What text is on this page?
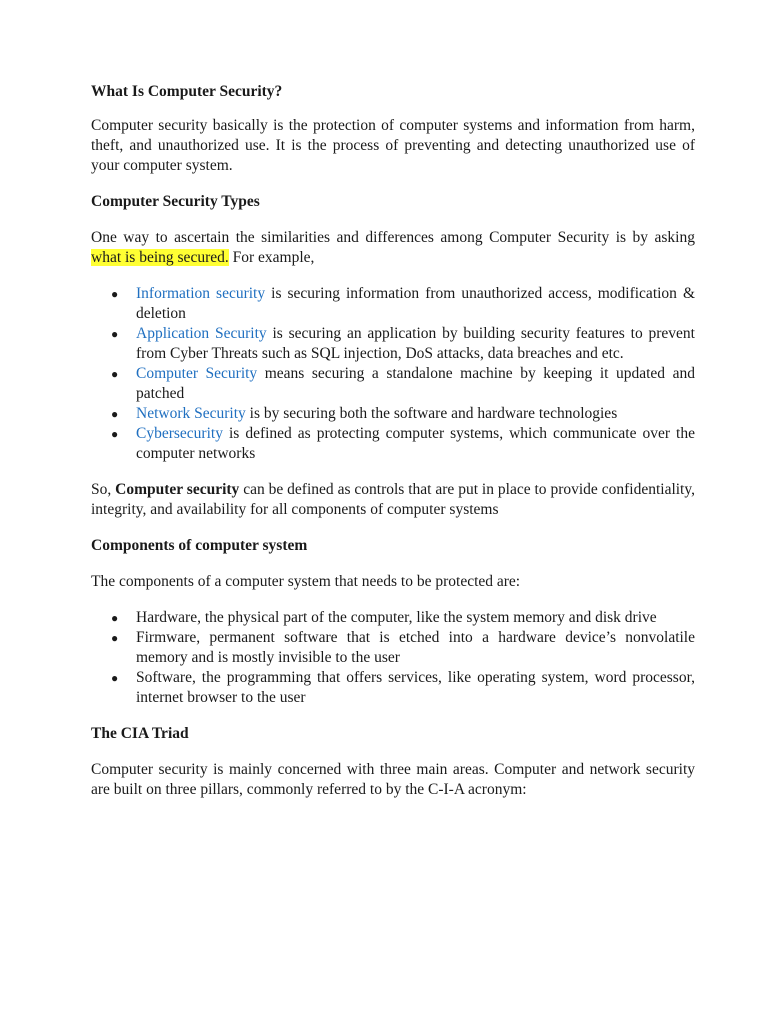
What Is Computer Security?

Computer security basically is the protection of computer systems and information from harm, theft, and unauthorized use. It is the process of preventing and detecting unauthorized use of your computer system.

Computer Security Types

One way to ascertain the similarities and differences among Computer Security is by asking what is being secured. For example,

● Information security is securing information from unauthorized access, modification & deletion
● Application Security is securing an application by building security features to prevent from Cyber Threats such as SQL injection, DoS attacks, data breaches and etc.
● Computer Security means securing a standalone machine by keeping it updated and patched
● Network Security is by securing both the software and hardware technologies
● Cybersecurity is defined as protecting computer systems, which communicate over the computer networks

So, Computer security can be defined as controls that are put in place to provide confidentiality, integrity, and availability for all components of computer systems

Components of computer system

The components of a computer system that needs to be protected are:

● Hardware, the physical part of the computer, like the system memory and disk drive
● Firmware, permanent software that is etched into a hardware device’s nonvolatile memory and is mostly invisible to the user
● Software, the programming that offers services, like operating system, word processor, internet browser to the user
The CIA Triad

Computer security is mainly concerned with three main areas. Computer and network security are built on three pillars, commonly referred to by the C-I-A acronym:
